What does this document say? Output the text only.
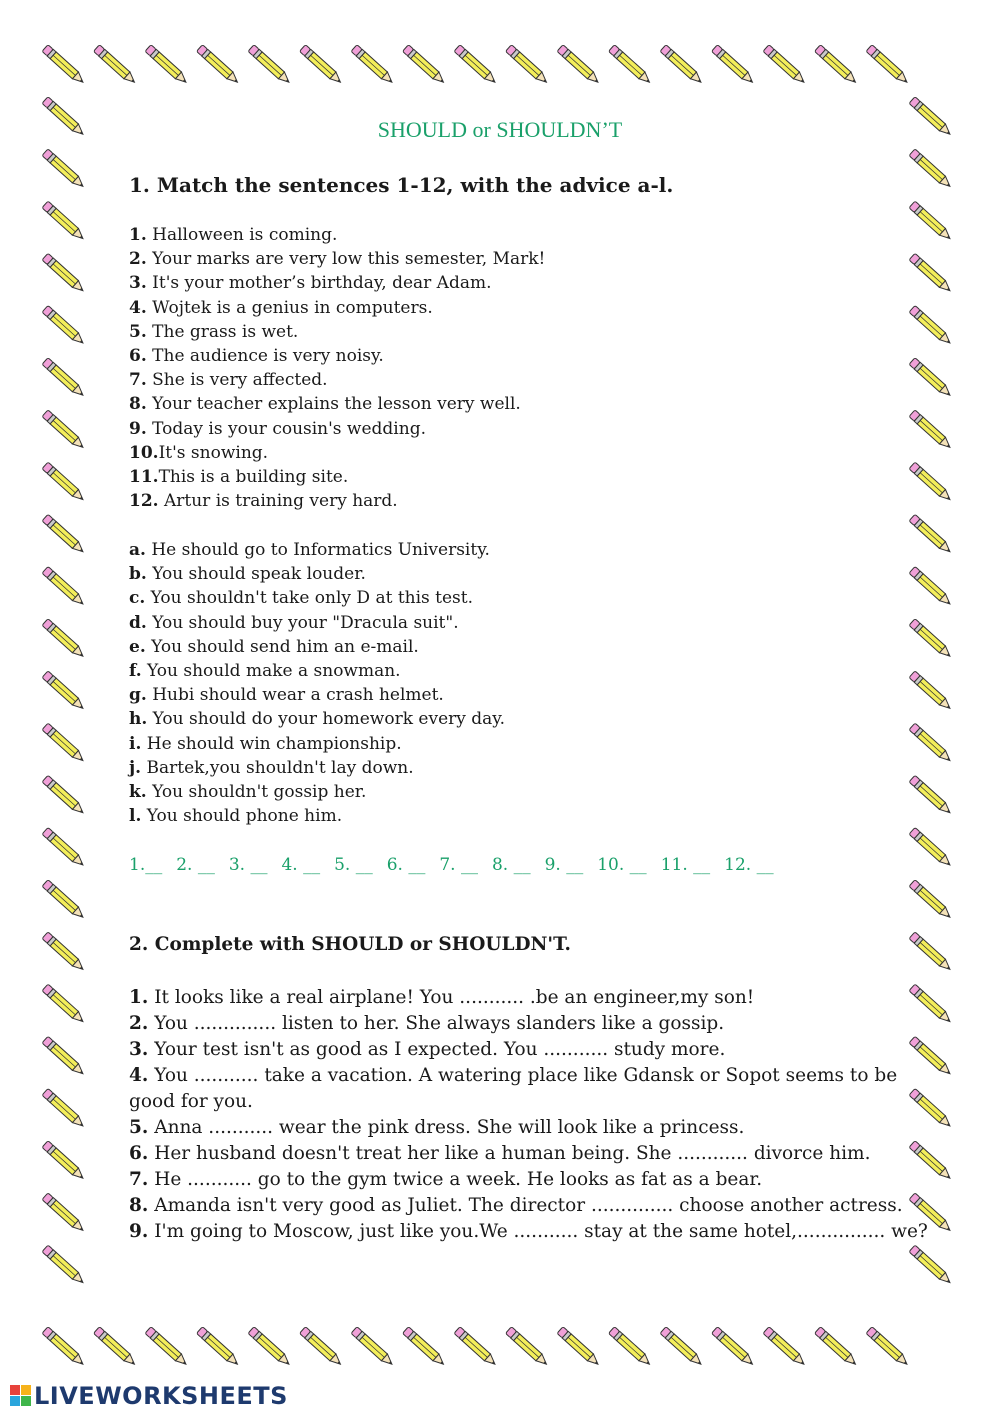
SHOULD or SHOULDN’T
1. Match the sentences 1-12, with the advice a-l.
1. Halloween is coming.
2. Your marks are very low this semester, Mark!
3. It's your mother’s birthday, dear Adam.
4. Wojtek is a genius in computers.
5. The grass is wet.
6. The audience is very noisy.
7. She is very affected.
8. Your teacher explains the lesson very well.
9. Today is your cousin's wedding.
10.It's snowing.
11.This is a building site.
12. Artur is training very hard.
a. He should go to Informatics University.
b. You should speak louder.
c. You shouldn't take only D at this test.
d. You should buy your "Dracula suit".
e. You should send him an e-mail.
f. You should make a snowman.
g. Hubi should wear a crash helmet.
h. You should do your homework every day.
i. He should win championship.
j. Bartek,you shouldn't lay down.
k. You shouldn't gossip her.
l. You should phone him.
1.__ 2. __ 3. __ 4. __ 5. __ 6. __ 7. __ 8. __ 9. __ 10. __ 11. __ 12. __
2. Complete with SHOULD or SHOULDN'T.
1. It looks like a real airplane! You ........... .be an engineer,my son!
2. You .............. listen to her. She always slanders like a gossip.
3. Your test isn't as good as I expected. You ........... study more.
4. You ........... take a vacation. A watering place like Gdansk or Sopot seems to be good for you.
5. Anna ........... wear the pink dress. She will look like a princess.
6. Her husband doesn't treat her like a human being. She ............ divorce him.
7. He ........... go to the gym twice a week. He looks as fat as a bear.
8. Amanda isn't very good as Juliet. The director .............. choose another actress.
9. I'm going to Moscow, just like you.We ........... stay at the same hotel,............... we?
LIVEWORKSHEETS
